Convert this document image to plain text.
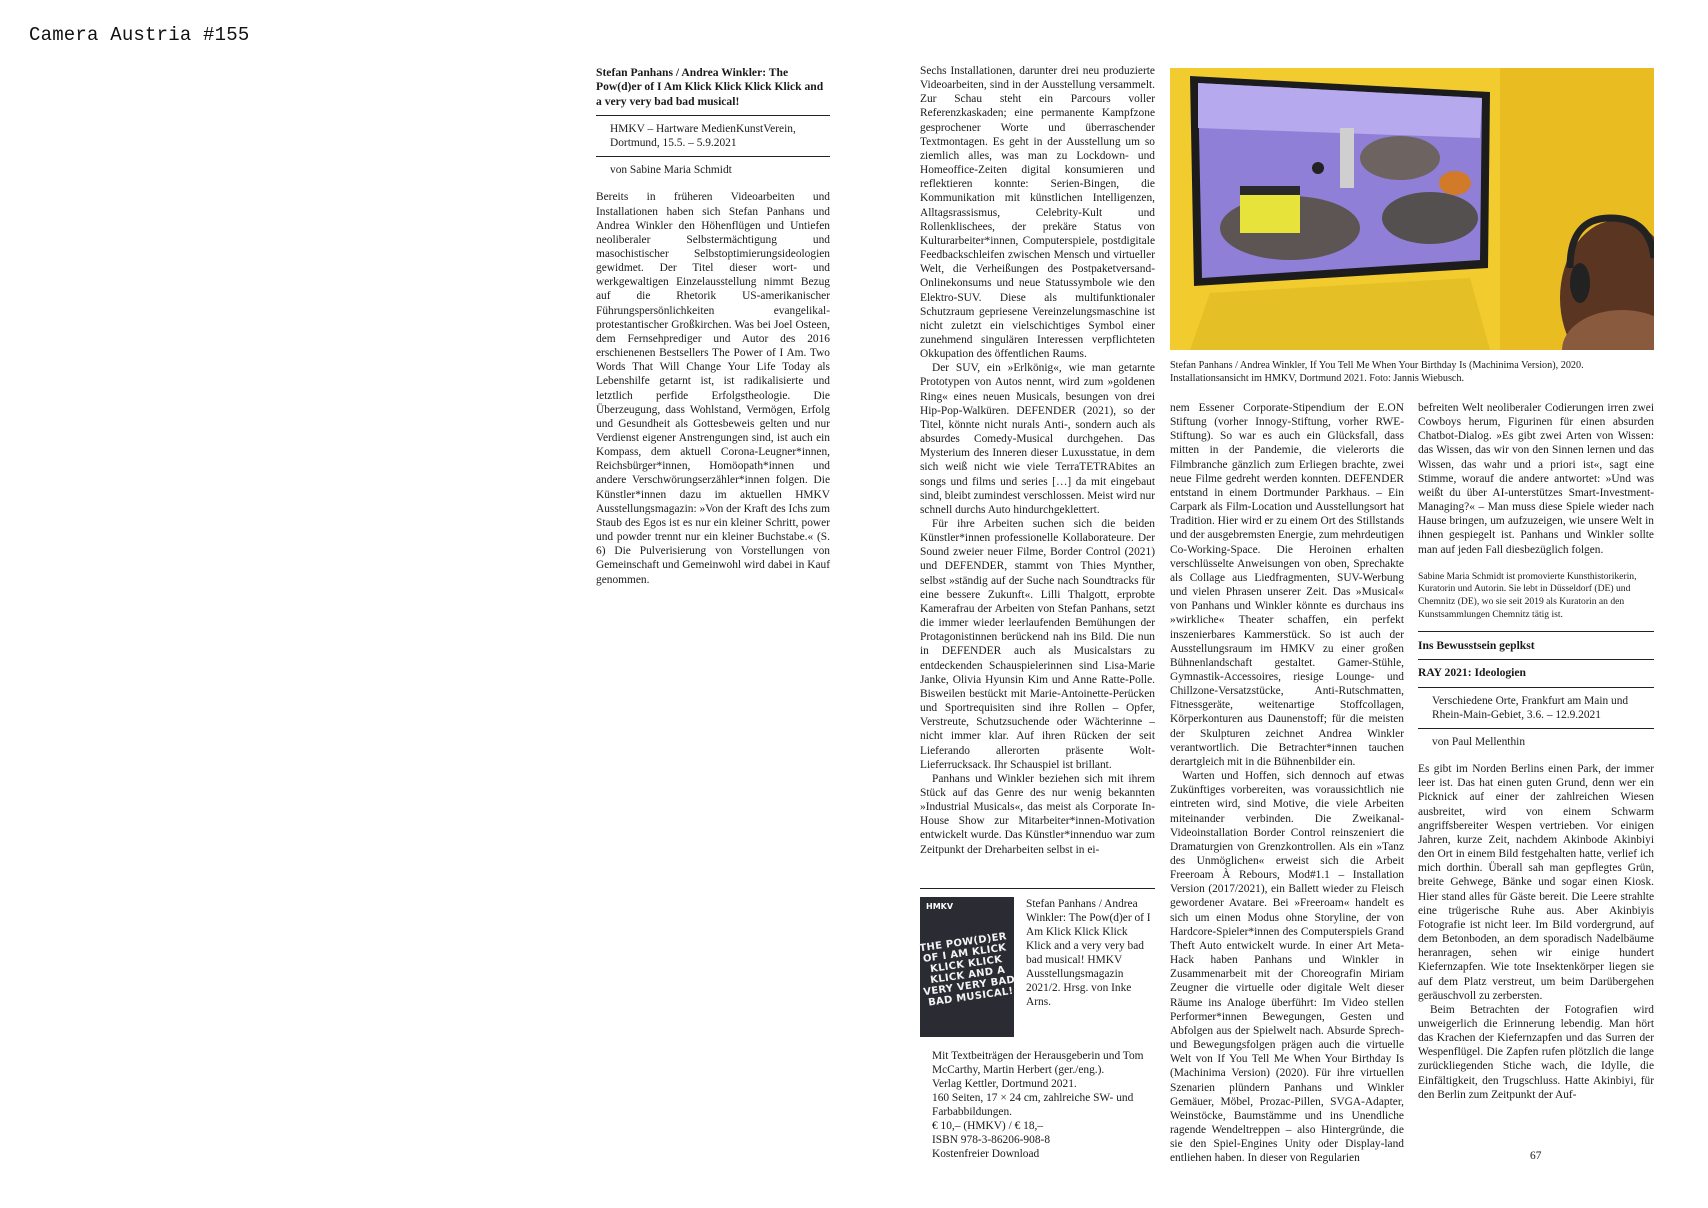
Camera Austria #155

Stefan Panhans / Andrea Winkler: The Pow(d)er of I Am Klick Klick Klick Klick and a very very bad bad musical!

HMKV – Hartware MedienKunstVerein, Dortmund, 15.5. – 5.9.2021

von Sabine Maria Schmidt

Bereits in früheren Videoarbeiten und Installationen haben sich Stefan Panhans und Andrea Winkler den Höhenflügen und Untiefen neoliberaler Selbstermächtigung und masochistischer Selbstoptimierungsideologien gewidmet. Der Titel dieser wort- und werkgewaltigen Einzelausstellung nimmt Bezug auf die Rhetorik US-amerikanischer Führungspersönlichkeiten evangelikal-protestantischer Großkirchen. Was bei Joel Osteen, dem Fernsehprediger und Autor des 2016 erschienenen Bestsellers The Power of I Am. Two Words That Will Change Your Life Today als Lebenshilfe getarnt ist, ist radikalisierte und letztlich perfide Erfolgstheologie. Die Überzeugung, dass Wohlstand, Vermögen, Erfolg und Gesundheit als Gottesbeweis gelten und nur Verdienst eigener Anstrengungen sind, ist auch ein Kompass, dem aktuell Corona-Leugner*innen, Reichsbürger*innen, Homöopath*innen und andere Verschwörungserzähler*innen folgen. Die Künstler*innen dazu im aktuellen HMKV Ausstellungsmagazin: »Von der Kraft des Ichs zum Staub des Egos ist es nur ein kleiner Schritt, power und powder trennt nur ein kleiner Buchstabe.« (S. 6) Die Pulverisierung von Vorstellungen von Gemeinschaft und Gemeinwohl wird dabei in Kauf genommen.

Sechs Installationen, darunter drei neu produzierte Videoarbeiten, sind in der Ausstellung versammelt. Zur Schau steht ein Parcours voller Referenzkaskaden; eine permanente Kampfzone gesprochener Worte und überraschender Textmontagen. Es geht in der Ausstellung um so ziemlich alles, was man zu Lockdown- und Homeoffice-Zeiten digital konsumieren und reflektieren konnte: Serien-Bingen, die Kommunikation mit künstlichen Intelligenzen, Alltagsrassismus, Celebrity-Kult und Rollenklischees, der prekäre Status von Kulturarbeiter*innen, Computerspiele, postdigitale Feedbackschleifen zwischen Mensch und virtueller Welt, die Verheißungen des Postpaketversand-Onlinekonsums und neue Statussymbole wie den Elektro-SUV. Diese als multifunktionaler Schutzraum gepriesene Vereinzelungsmaschine ist nicht zuletzt ein vielschichtiges Symbol einer zunehmend singulären Interessen verpflichteten Okkupation des öffentlichen Raums.

Der SUV, ein »Erlkönig«, wie man getarnte Prototypen von Autos nennt, wird zum »goldenen Ring« eines neuen Musicals, besungen von drei Hip-Pop-Walküren. DEFENDER (2021), so der Titel, könnte nicht nurals Anti-, sondern auch als absurdes Comedy-Musical durchgehen. Das Mysterium des Inneren dieser Luxusstatue, in dem sich weiß nicht wie viele TerraTETRAbites an songs und films und series […] da mit eingebaut sind, bleibt zumindest verschlossen. Meist wird nur schnell durchs Auto hindurchgeklettert.

Für ihre Arbeiten suchen sich die beiden Künstler*innen professionelle Kollaborateure. Der Sound zweier neuer Filme, Border Control (2021) und DEFENDER, stammt von Thies Mynther, selbst »ständig auf der Suche nach Soundtracks für eine bessere Zukunft«. Lilli Thalgott, erprobte Kamerafrau der Arbeiten von Stefan Panhans, setzt die immer wieder leerlaufenden Bemühungen der Protagonistinnen berückend nah ins Bild. Die nun in DEFENDER auch als Musicalstars zu entdeckenden Schauspielerinnen sind Lisa-Marie Janke, Olivia Hyunsin Kim und Anne Ratte-Polle. Bisweilen bestückt mit Marie-Antoinette-Perücken und Sportrequisiten sind ihre Rollen – Opfer, Verstreute, Schutzsuchende oder Wächterinne – nicht immer klar. Auf ihren Rücken der seit Lieferando allerorten präsente Wolt-Lieferrucksack. Ihr Schauspiel ist brillant.

Panhans und Winkler beziehen sich mit ihrem Stück auf das Genre des nur wenig bekannten »Industrial Musicals«, das meist als Corporate In-House Show zur Mitarbeiter*innen-Motivation entwickelt wurde. Das Künstler*innenduo war zum Zeitpunkt der Dreharbeiten selbst in ei-

HMKV
THE POW(D)ER OF I AM KLICK KLICK KLICK KLICK AND A VERY VERY BAD BAD MUSICAL!
Stefan Panhans / Andrea Winkler: The Pow(d)er of I Am Klick Klick Klick Klick and a very very bad bad musical! HMKV Ausstellungsmagazin 2021/2. Hrsg. von Inke Arns.
Mit Textbeiträgen der Herausgeberin und Tom McCarthy, Martin Herbert (ger./eng.).
Verlag Kettler, Dortmund 2021.
160 Seiten, 17 × 24 cm, zahlreiche SW- und Farbabbildungen.
€ 10,– (HMKV) / € 18,–
ISBN 978-3-86206-908-8
Kostenfreier Download
Stefan Panhans / Andrea Winkler, If You Tell Me When Your Birthday Is (Machinima Version), 2020. Installationsansicht im HMKV, Dortmund 2021. Foto: Jannis Wiebusch.

nem Essener Corporate-Stipendium der E.ON Stiftung (vorher Innogy-Stiftung, vorher RWE-Stiftung). So war es auch ein Glücksfall, dass mitten in der Pandemie, die vielerorts die Filmbranche gänzlich zum Erliegen brachte, zwei neue Filme gedreht werden konnten. DEFENDER entstand in einem Dortmunder Parkhaus. – Ein Carpark als Film-Location und Ausstellungsort hat Tradition. Hier wird er zu einem Ort des Stillstands und der ausgebremsten Energie, zum mehrdeutigen Co-Working-Space. Die Heroinen erhalten verschlüsselte Anweisungen von oben, Sprechakte als Collage aus Liedfragmenten, SUV-Werbung und vielen Phrasen unserer Zeit. Das »Musical« von Panhans und Winkler könnte es durchaus ins »wirkliche« Theater schaffen, ein perfekt inszenierbares Kammerstück. So ist auch der Ausstellungsraum im HMKV zu einer großen Bühnenlandschaft gestaltet. Gamer-Stühle, Gymnastik-Accessoires, riesige Lounge- und Chillzone-Versatzstücke, Anti-Rutschmatten, Fitnessgeräte, weitenartige Stoffcollagen, Körperkonturen aus Daunenstoff; für die meisten der Skulpturen zeichnet Andrea Winkler verantwortlich. Die Betrachter*innen tauchen derartgleich mit in die Bühnenbilder ein.

Warten und Hoffen, sich dennoch auf etwas Zukünftiges vorbereiten, was voraussichtlich nie eintreten wird, sind Motive, die viele Arbeiten miteinander verbinden. Die Zweikanal-Videoinstallation Border Control reinszeniert die Dramaturgien von Grenzkontrollen. Als ein »Tanz des Unmöglichen« erweist sich die Arbeit Freeroam À Rebours, Mod#1.1 – Installation Version (2017/2021), ein Ballett wieder zu Fleisch gewordener Avatare. Bei »Freeroam« handelt es sich um einen Modus ohne Storyline, der von Hardcore-Spieler*innen des Computerspiels Grand Theft Auto entwickelt wurde. In einer Art Meta-Hack haben Panhans und Winkler in Zusammenarbeit mit der Choreografin Miriam Zeugner die virtuelle oder digitale Welt dieser Räume ins Analoge überführt: Im Video stellen Performer*innen Bewegungen, Gesten und Abfolgen aus der Spielwelt nach. Absurde Sprech- und Bewegungsfolgen prägen auch die virtuelle Welt von If You Tell Me When Your Birthday Is (Machinima Version) (2020). Für ihre virtuellen Szenarien plündern Panhans und Winkler Gemäuer, Möbel, Prozac-Pillen, SVGA-Adapter, Weinstöcke, Baumstämme und ins Unendliche ragende Wendeltreppen – also Hintergründe, die sie den Spiel-Engines Unity oder Display-land entliehen haben. In dieser von Regularien

befreiten Welt neoliberaler Codierungen irren zwei Cowboys herum, Figurinen für einen absurden Chatbot-Dialog. »Es gibt zwei Arten von Wissen: das Wissen, das wir von den Sinnen lernen und das Wissen, das wahr und a priori ist«, sagt eine Stimme, worauf die andere antwortet: »Und was weißt du über AI-unterstützes Smart-Investment-Managing?« – Man muss diese Spiele wieder nach Hause bringen, um aufzuzeigen, wie unsere Welt in ihnen gespiegelt ist. Panhans und Winkler sollte man auf jeden Fall diesbezüglich folgen.

Sabine Maria Schmidt ist promovierte Kunsthistorikerin, Kuratorin und Autorin. Sie lebt in Düsseldorf (DE) und Chemnitz (DE), wo sie seit 2019 als Kuratorin an den Kunstsammlungen Chemnitz tätig ist.

Ins Bewusstsein geplkst

RAY 2021: Ideologien

Verschiedene Orte, Frankfurt am Main und Rhein-Main-Gebiet, 3.6. – 12.9.2021

von Paul Mellenthin

Es gibt im Norden Berlins einen Park, der immer leer ist. Das hat einen guten Grund, denn wer ein Picknick auf einer der zahlreichen Wiesen ausbreitet, wird von einem Schwarm angriffsbereiter Wespen vertrieben. Vor einigen Jahren, kurze Zeit, nachdem Akinbode Akinbiyi den Ort in einem Bild festgehalten hatte, verlief ich mich dorthin. Überall sah man gepflegtes Grün, breite Gehwege, Bänke und sogar einen Kiosk. Hier stand alles für Gäste bereit. Die Leere strahlte eine trügerische Ruhe aus. Aber Akinbiyis Fotografie ist nicht leer. Im Bild vordergrund, auf dem Betonboden, an dem sporadisch Nadelbäume heranragen, sehen wir einige hundert Kiefernzapfen. Wie tote Insektenkörper liegen sie auf dem Platz verstreut, um beim Darübergehen geräuschvoll zu zerbersten.

Beim Betrachten der Fotografien wird unweigerlich die Erinnerung lebendig. Man hört das Krachen der Kiefernzapfen und das Surren der Wespenflügel. Die Zapfen rufen plötzlich die lange zurückliegenden Stiche wach, die Idylle, die Einfältigkeit, den Trugschluss. Hatte Akinbiyi, für den Berlin zum Zeitpunkt der Auf-

67
